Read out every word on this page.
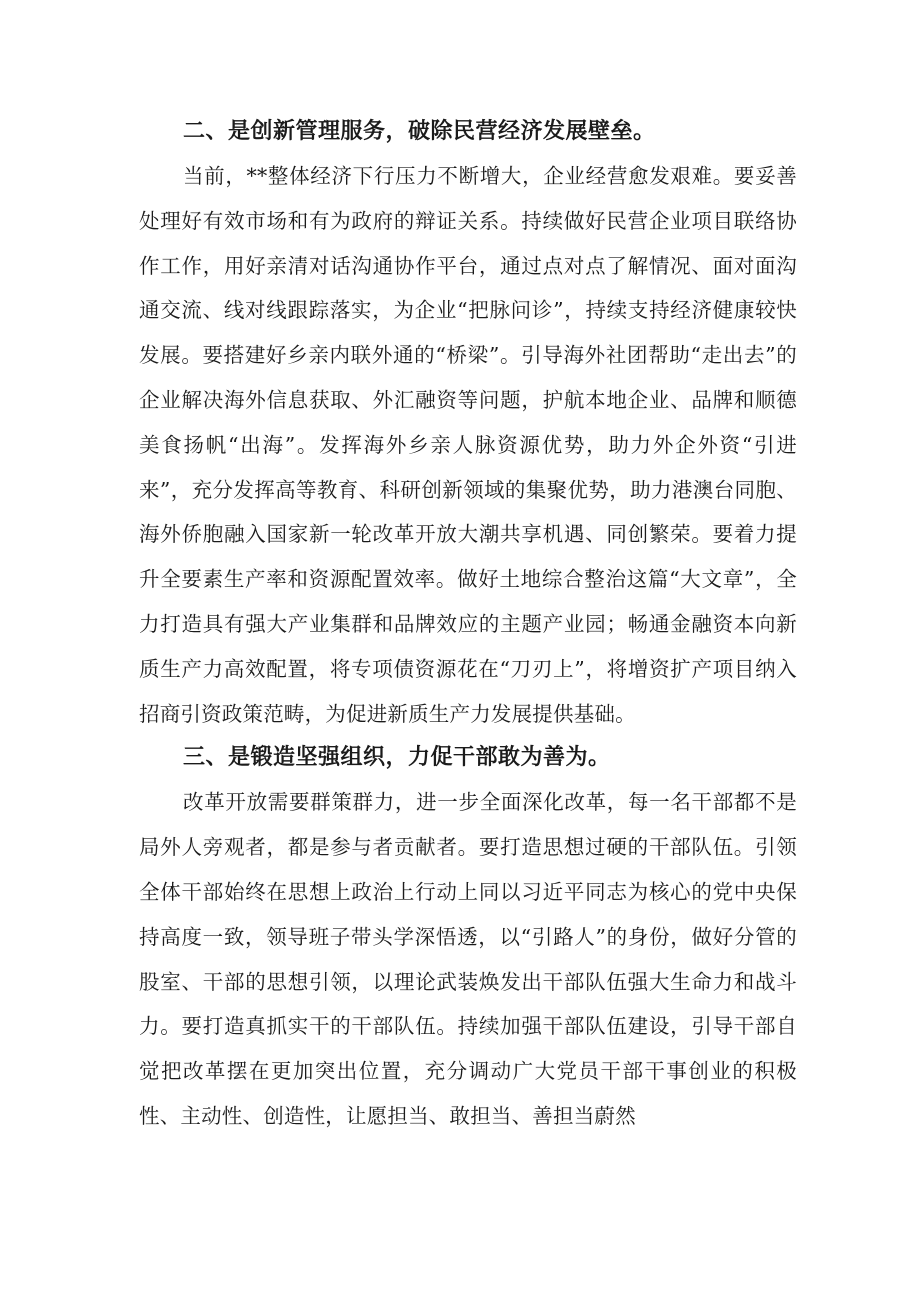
二、是创新管理服务，破除民营经济发展壁垒。

当前，**整体经济下行压力不断增大，企业经营愈发艰难。要妥善处理好有效市场和有为政府的辩证关系。持续做好民营企业项目联络协作工作，用好亲清对话沟通协作平台，通过点对点了解情况、面对面沟通交流、线对线跟踪落实，为企业“把脉问诊”，持续支持经济健康较快发展。要搭建好乡亲内联外通的“桥梁”。引导海外社团帮助“走出去”的企业解决海外信息获取、外汇融资等问题，护航本地企业、品牌和顺德美食扬帆“出海”。发挥海外乡亲人脉资源优势，助力外企外资“引进来”，充分发挥高等教育、科研创新领域的集聚优势，助力港澳台同胞、海外侨胞融入国家新一轮改革开放大潮共享机遇、同创繁荣。要着力提升全要素生产率和资源配置效率。做好土地综合整治这篇“大文章”，全力打造具有强大产业集群和品牌效应的主题产业园；畅通金融资本向新质生产力高效配置，将专项债资源花在“刀刃上”，将增资扩产项目纳入招商引资政策范畴，为促进新质生产力发展提供基础。

三、是锻造坚强组织，力促干部敢为善为。

改革开放需要群策群力，进一步全面深化改革，每一名干部都不是局外人旁观者，都是参与者贡献者。要打造思想过硬的干部队伍。引领全体干部始终在思想上政治上行动上同以习近平同志为核心的党中央保持高度一致，领导班子带头学深悟透，以“引路人”的身份，做好分管的股室、干部的思想引领，以理论武装焕发出干部队伍强大生命力和战斗力。要打造真抓实干的干部队伍。持续加强干部队伍建设，引导干部自觉把改革摆在更加突出位置，充分调动广大党员干部干事创业的积极性、主动性、创造性，让愿担当、敢担当、善担当蔚然
